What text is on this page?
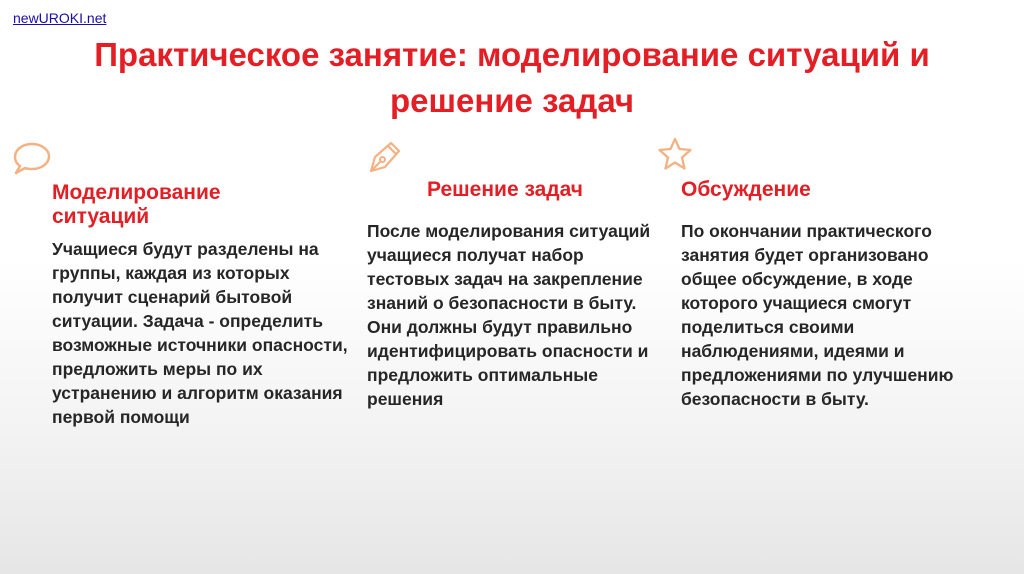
newUROKI.net
Практическое занятие: моделирование ситуаций и решение задач
Моделирование ситуаций
Учащиеся будут разделены на группы, каждая из которых получит сценарий бытовой ситуации. Задача - определить возможные источники опасности, предложить меры по их устранению и алгоритм оказания первой помощи
Решение задач
После моделирования ситуаций учащиеся получат набор тестовых задач на закрепление знаний о безопасности в быту. Они должны будут правильно идентифицировать опасности и предложить оптимальные решения
Обсуждение
По окончании практического занятия будет организовано общее обсуждение, в ходе которого учащиеся смогут поделиться своими наблюдениями, идеями и предложениями по улучшению безопасности в быту.
